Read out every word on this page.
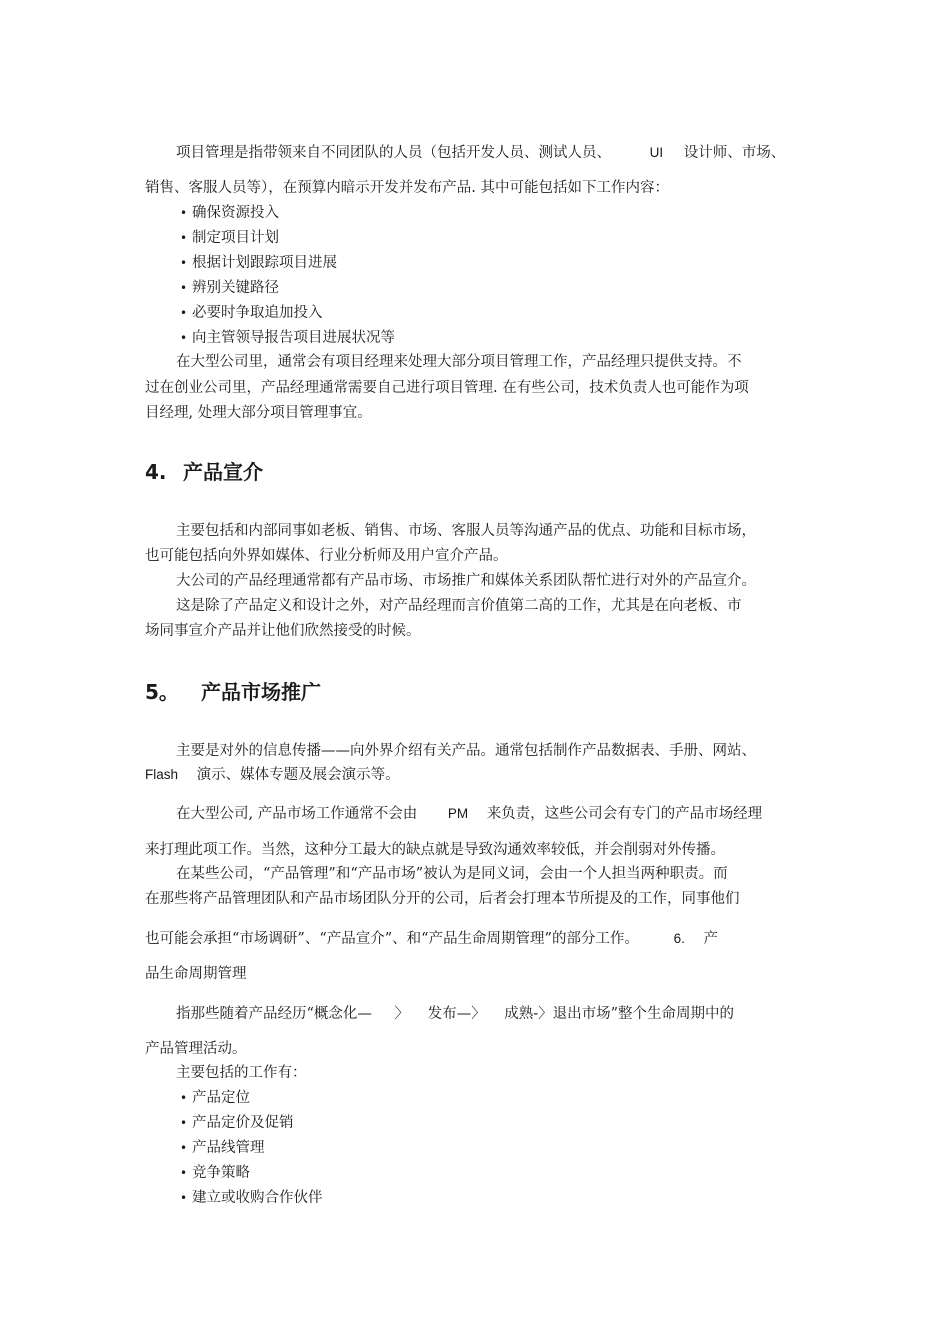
项目管理是指带领来自不同团队的人员（包括开发人员、测试人员、	UI 设计师、市场、
销售、客服人员等），在预算内暗示开发并发布产品. 其中可能包括如下工作内容：
• 确保资源投入
• 制定项目计划
• 根据计划跟踪项目进展
• 辨别关键路径
• 必要时争取追加投入
• 向主管领导报告项目进展状况等
在大型公司里，通常会有项目经理来处理大部分项目管理工作，产品经理只提供支持。不
过在创业公司里，产品经理通常需要自己进行项目管理. 在有些公司，技术负责人也可能作为项
目经理, 处理大部分项目管理事宜。
4. 产品宣介
主要包括和内部同事如老板、销售、市场、客服人员等沟通产品的优点、功能和目标市场，
也可能包括向外界如媒体、行业分析师及用户宣介产品。
大公司的产品经理通常都有产品市场、市场推广和媒体关系团队帮忙进行对外的产品宣介。
这是除了产品定义和设计之外，对产品经理而言价值第二高的工作，尤其是在向老板、市
场同事宣介产品并让他们欣然接受的时候。
5。 产品市场推广
主要是对外的信息传播——向外界介绍有关产品。通常包括制作产品数据表、手册、网站、
Flash 演示、媒体专题及展会演示等。
在大型公司, 产品市场工作通常不会由 PM 来负责，这些公司会有专门的产品市场经理
来打理此项工作。当然，这种分工最大的缺点就是导致沟通效率较低，并会削弱对外传播。
在某些公司，“产品管理”和“产品市场”被认为是同义词，会由一个人担当两种职责。而
在那些将产品管理团队和产品市场团队分开的公司，后者会打理本节所提及的工作，同事他们
也可能会承担“市场调研”、“产品宣介”、和“产品生命周期管理”的部分工作。	6. 产
品生命周期管理
指那些随着产品经历“概念化— 〉 发布—〉 成熟-〉退出市场”整个生命周期中的
产品管理活动。
主要包括的工作有：
• 产品定位
• 产品定价及促销
• 产品线管理
• 竞争策略
• 建立或收购合作伙伴
